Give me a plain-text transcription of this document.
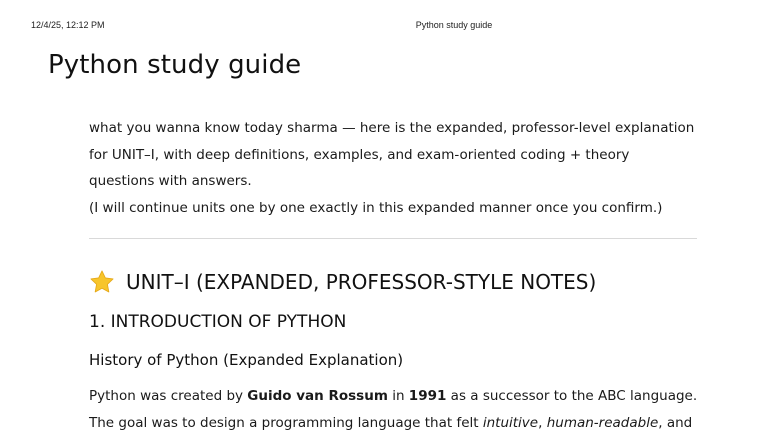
12/4/25, 12:12 PM	Python study guide
Python study guide

what you wanna know today sharma — here is the expanded, professor-level explanation for UNIT–I, with deep definitions, examples, and exam-oriented coding + theory questions with answers.
(I will continue units one by one exactly in this expanded manner once you confirm.)

UNIT–I (EXPANDED, PROFESSOR-STYLE NOTES)
1. INTRODUCTION OF PYTHON
History of Python (Expanded Explanation)

Python was created by Guido van Rossum in 1991 as a successor to the ABC language.
The goal was to design a programming language that felt intuitive, human-readable, and
